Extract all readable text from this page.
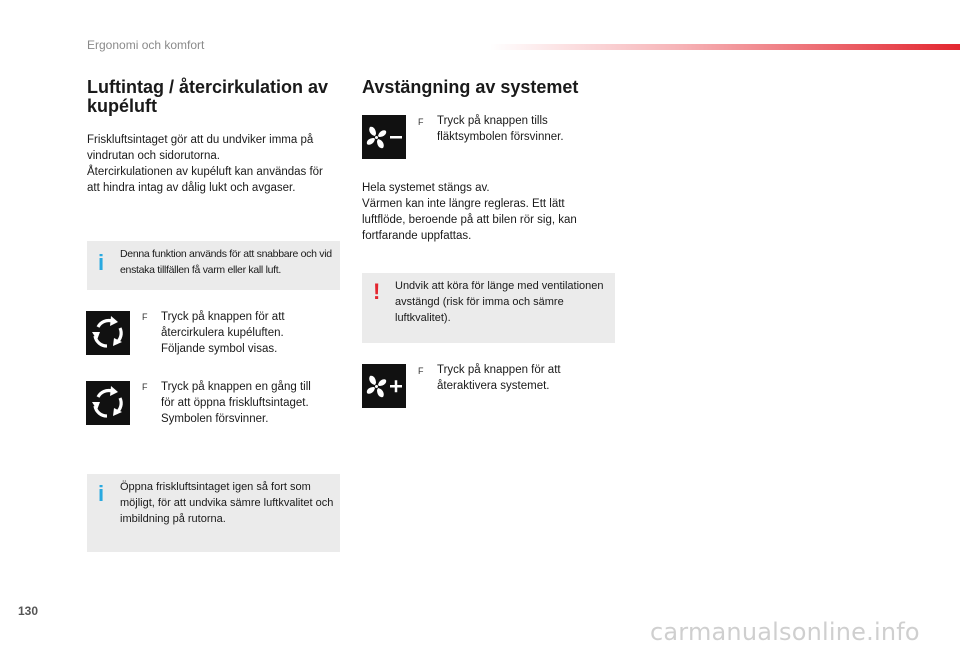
Ergonomi och komfort
Luftintag / återcirkulation av kupéluft
Friskluftsintaget gör att du undviker imma på
vindrutan och sidorutorna.
Återcirkulationen av kupéluft kan användas för
att hindra intag av dålig lukt och avgaser.
i Denna funktion används för att snabbare och vid enstaka tillfällen få varm eller kall luft.
F Tryck på knappen för att
återcirkulera kupéluften.
Följande symbol visas.
F Tryck på knappen en gång till
för att öppna friskluftsintaget.
Symbolen försvinner.
i Öppna friskluftsintaget igen så fort som möjligt, för att undvika sämre luftkvalitet och imbildning på rutorna.
Avstängning av systemet
F Tryck på knappen tills
fläktsymbolen försvinner.
Hela systemet stängs av.
Värmen kan inte längre regleras. Ett lätt
luftflöde, beroende på att bilen rör sig, kan
fortfarande uppfattas.
! Undvik att köra för länge med ventilationen avstängd (risk för imma och sämre luftkvalitet).
F Tryck på knappen för att
återaktivera systemet.
130
carmanualsonline.info
